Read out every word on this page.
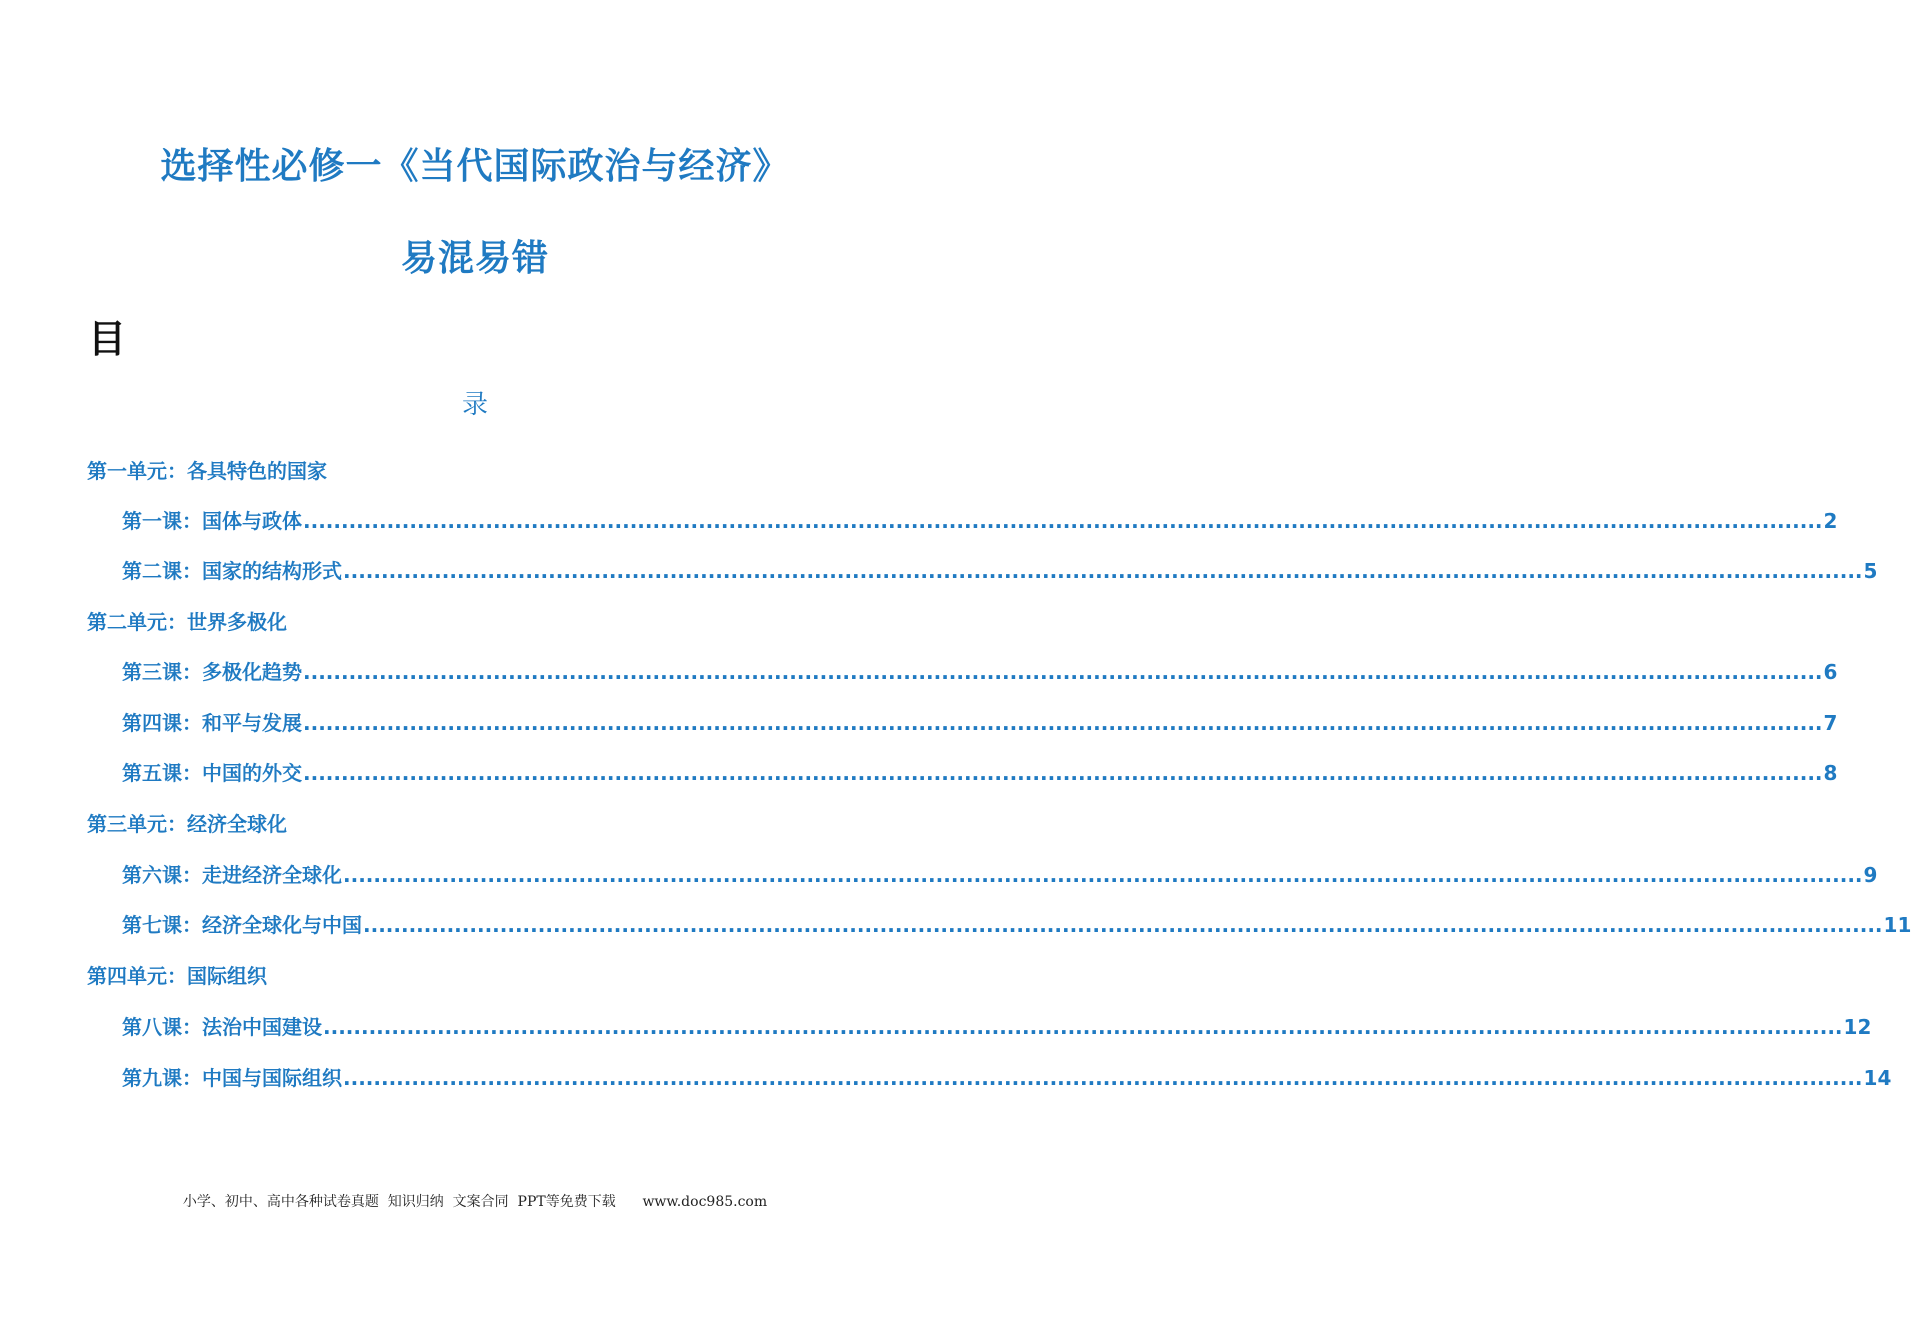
选择性必修一《当代国际政治与经济》
易混易错
目
录
第一单元：各具特色的国家
第一课：国体与政体 ........................................................................................................................................................................................................ 2
第二课：国家的结构形式 ........................................................................................................................................................................................................ 5
第二单元：世界多极化
第三课：多极化趋势 ........................................................................................................................................................................................................ 6
第四课：和平与发展 ........................................................................................................................................................................................................ 7
第五课：中国的外交 ........................................................................................................................................................................................................ 8
第三单元：经济全球化
第六课：走进经济全球化 ........................................................................................................................................................................................................ 9
第七课：经济全球化与中国 ........................................................................................................................................................................................................ 11
第四单元：国际组织
第八课：法治中国建设 ........................................................................................................................................................................................................ 12
第九课：中国与国际组织 ........................................................................................................................................................................................................ 14
小学、初中、高中各种试卷真题  知识归纳  文案合同  PPT等免费下载      www.doc985.com
